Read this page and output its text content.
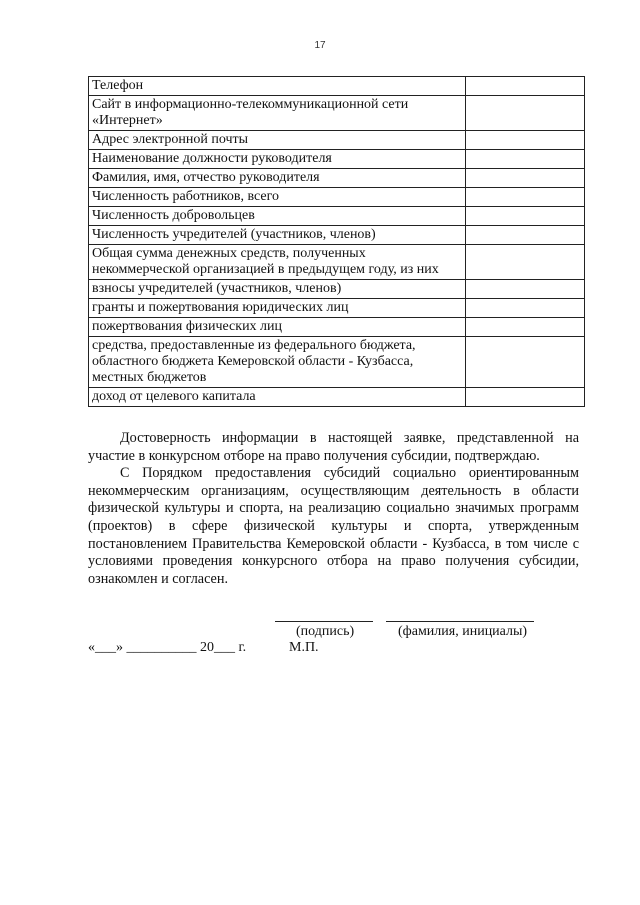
17
Телефон	
Сайт в информационно-телекоммуникационной сети «Интернет»	
Адрес электронной почты	
Наименование должности руководителя	
Фамилия, имя, отчество руководителя	
Численность работников, всего	
Численность добровольцев	
Численность учредителей (участников, членов)	
Общая сумма денежных средств, полученных некоммерческой организацией в предыдущем году, из них	
взносы учредителей (участников, членов)	
гранты и пожертвования юридических лиц	
пожертвования физических лиц	
средства, предоставленные из федерального бюджета, областного бюджета Кемеровской области - Кузбасса, местных бюджетов	
доход от целевого капитала	

Достоверность информации в настоящей заявке, представленной на участие в конкурсном отборе на право получения субсидии, подтверждаю.

С Порядком предоставления субсидий социально ориентированным некоммерческим организациям, осуществляющим деятельность в области физической культуры и спорта, на реализацию социально значимых программ (проектов) в сфере физической культуры и спорта, утвержденным постановлением Правительства Кемеровской области - Кузбасса, в том числе с условиями проведения конкурсного отбора на право получения субсидии, ознакомлен и согласен.

(подпись)	(фамилия, инициалы)
«___» __________ 20___ г.	М.П.
